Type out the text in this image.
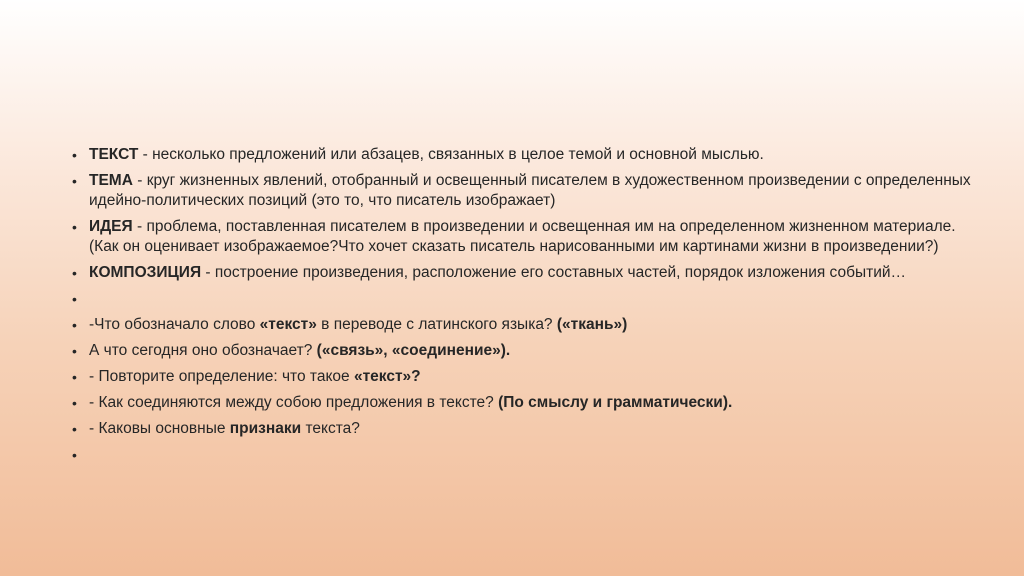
• ТЕКСТ - несколько предложений или абзацев, связанных в целое темой и основной мыслью.
• ТЕМА - круг жизненных явлений, отобранный и освещенный писателем в художественном произведении с определенных идейно-политических позиций (это то, что писатель изображает)
• ИДЕЯ - проблема, поставленная писателем в произведении и освещенная им на определенном жизненном материале. (Как он оценивает изображаемое?Что хочет сказать писатель нарисованными им картинами жизни в произведении?)
• КОМПОЗИЦИЯ - построение произведения, расположение его составных частей, порядок изложения событий…
•
• -Что обозначало слово «текст» в переводе с латинского языка? («ткань»)
• А что сегодня оно обозначает? («связь», «соединение»).
• - Повторите определение: что такое «текст»?
• - Как соединяются между собою предложения в тексте? (По смыслу и грамматически).
• - Каковы основные признаки текста?
•
